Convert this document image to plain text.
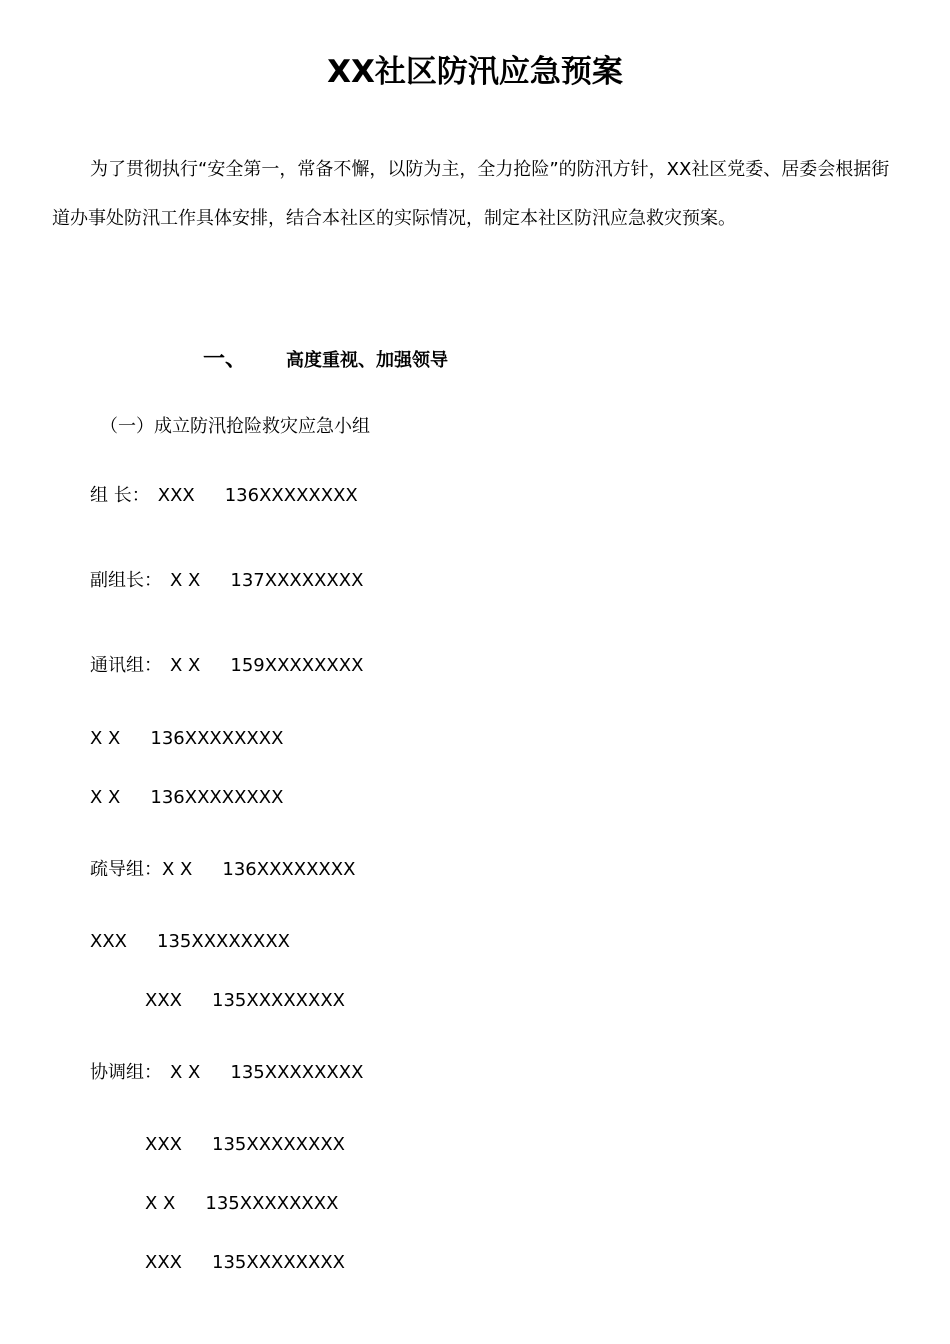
XX社区防汛应急预案

为了贯彻执行“安全第一，常备不懈，以防为主，全力抢险”的防汛方针，XX社区党委、居委会根据街道办事处防汛工作具体安排，结合本社区的实际情况，制定本社区防汛应急救灾预案。

一、 高度重视、加强领导
（一）成立防汛抢险救灾应急小组
组 长： XXX 136XXXXXXXX
副组长： X X 137XXXXXXXX
通讯组： X X 159XXXXXXXX
X X 136XXXXXXXX
X X 136XXXXXXXX
疏导组：X X 136XXXXXXXX
XXX 135XXXXXXXX
XXX 135XXXXXXXX
协调组： X X 135XXXXXXXX
XXX 135XXXXXXXX
X X 135XXXXXXXX
XXX 135XXXXXXXX
